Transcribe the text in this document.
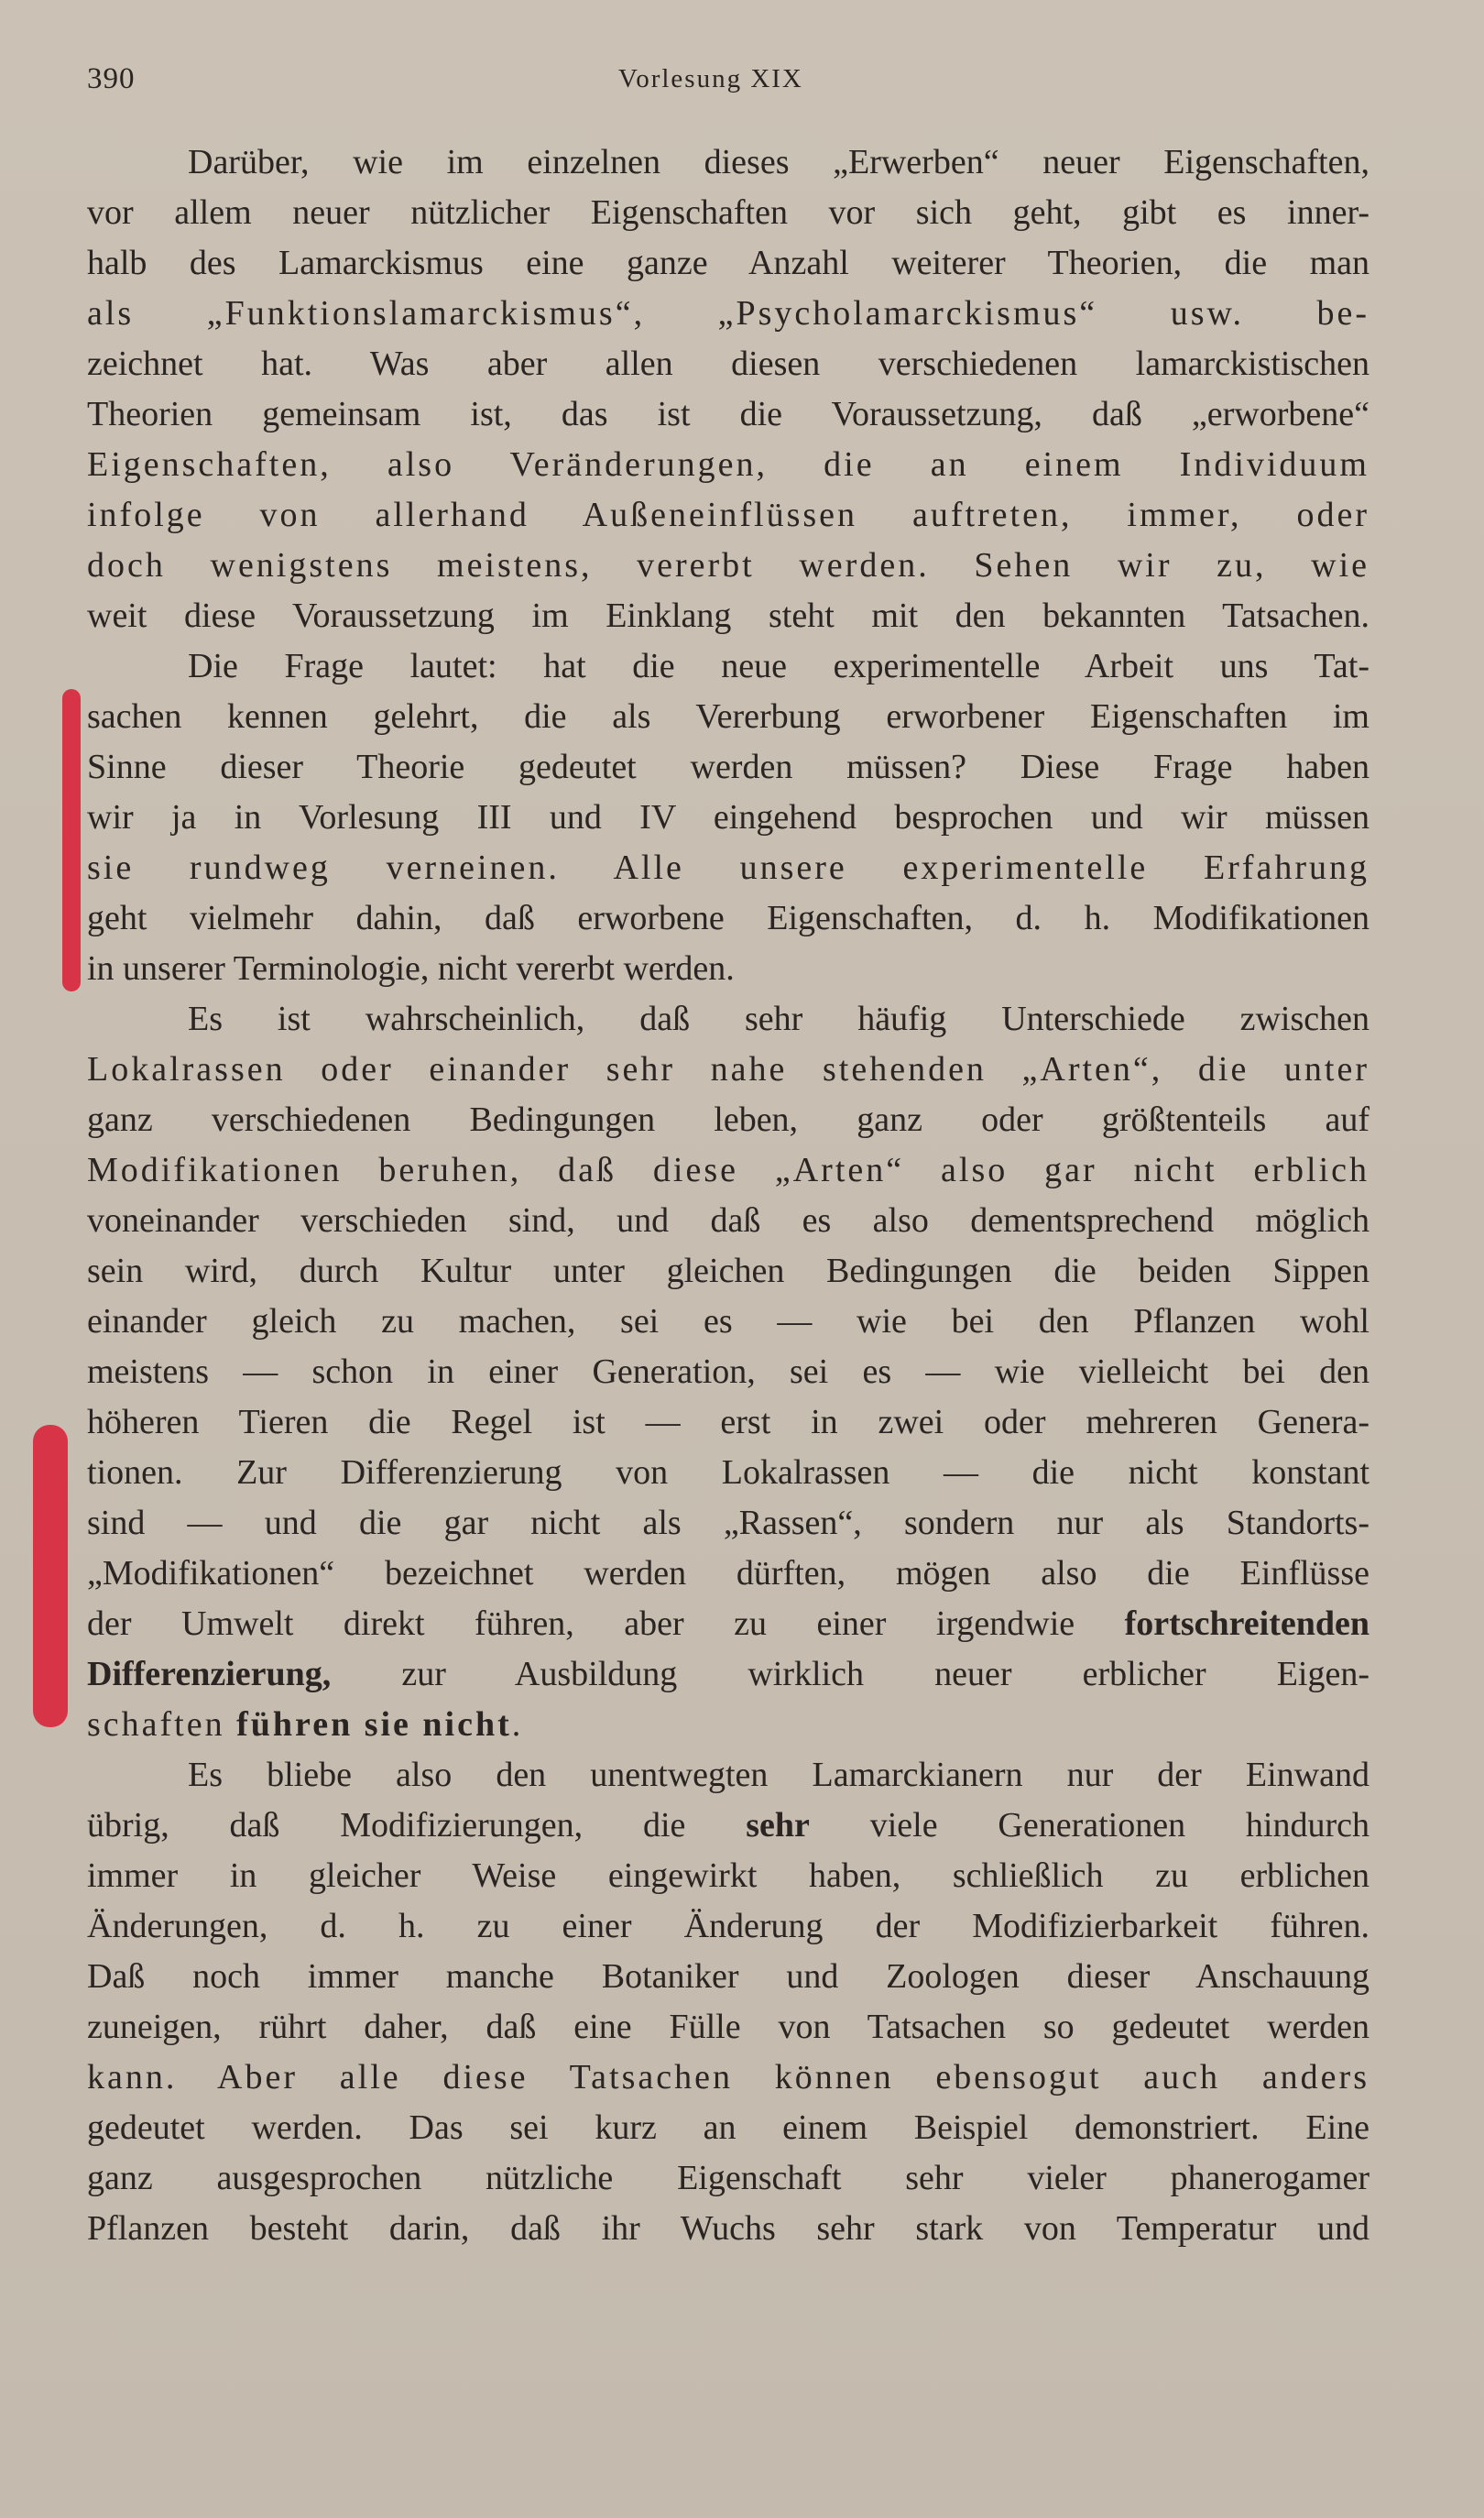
390	Vorlesung XIX
Darüber, wie im einzelnen dieses „Erwerben“ neuer Eigenschaften,
vor allem neuer nützlicher Eigenschaften vor sich geht, gibt es inner-
halb des Lamarckismus eine ganze Anzahl weiterer Theorien, die man
als „Funktionslamarckismus“, „Psycholamarckismus“ usw. be-
zeichnet hat. Was aber allen diesen verschiedenen lamarckistischen
Theorien gemeinsam ist, das ist die Voraussetzung, daß „erworbene“
Eigenschaften, also Veränderungen, die an einem Individuum
infolge von allerhand Außeneinflüssen auftreten, immer, oder
doch wenigstens meistens, vererbt werden. Sehen wir zu, wie
weit diese Voraussetzung im Einklang steht mit den bekannten Tatsachen.
Die Frage lautet: hat die neue experimentelle Arbeit uns Tat-
sachen kennen gelehrt, die als Vererbung erworbener Eigenschaften im
Sinne dieser Theorie gedeutet werden müssen? Diese Frage haben
wir ja in Vorlesung III und IV eingehend besprochen und wir müssen
sie rundweg verneinen. Alle unsere experimentelle Erfahrung
geht vielmehr dahin, daß erworbene Eigenschaften, d. h. Modifikationen
in unserer Terminologie, nicht vererbt werden.
Es ist wahrscheinlich, daß sehr häufig Unterschiede zwischen
Lokalrassen oder einander sehr nahe stehenden „Arten“, die unter
ganz verschiedenen Bedingungen leben, ganz oder größtenteils auf
Modifikationen beruhen, daß diese „Arten“ also gar nicht erblich
voneinander verschieden sind, und daß es also dementsprechend möglich
sein wird, durch Kultur unter gleichen Bedingungen die beiden Sippen
einander gleich zu machen, sei es — wie bei den Pflanzen wohl
meistens — schon in einer Generation, sei es — wie vielleicht bei den
höheren Tieren die Regel ist — erst in zwei oder mehreren Genera-
tionen. Zur Differenzierung von Lokalrassen — die nicht konstant
sind — und die gar nicht als „Rassen“, sondern nur als Standorts-
„Modifikationen“ bezeichnet werden dürften, mögen also die Einflüsse
der Umwelt direkt führen, aber zu einer irgendwie fortschreitenden
Differenzierung, zur Ausbildung wirklich neuer erblicher Eigen-
schaften führen sie nicht.
Es bliebe also den unentwegten Lamarckianern nur der Einwand
übrig, daß Modifizierungen, die sehr viele Generationen hindurch
immer in gleicher Weise eingewirkt haben, schließlich zu erblichen
Änderungen, d. h. zu einer Änderung der Modifizierbarkeit führen.
Daß noch immer manche Botaniker und Zoologen dieser Anschauung
zuneigen, rührt daher, daß eine Fülle von Tatsachen so gedeutet werden
kann. Aber alle diese Tatsachen können ebensogut auch anders
gedeutet werden. Das sei kurz an einem Beispiel demonstriert. Eine
ganz ausgesprochen nützliche Eigenschaft sehr vieler phanerogamer
Pflanzen besteht darin, daß ihr Wuchs sehr stark von Temperatur und
